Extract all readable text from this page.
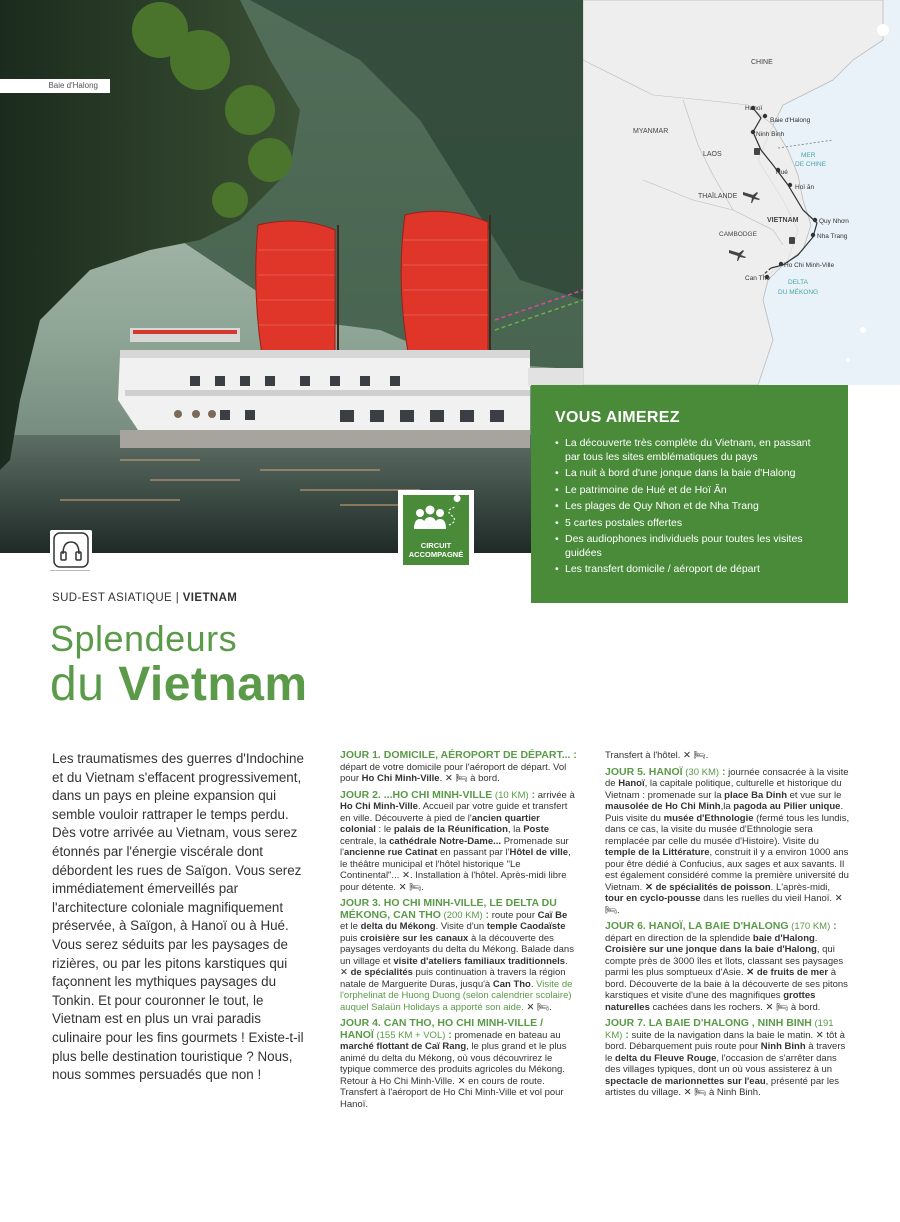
Baie d'Halong
CHINE
MYANMAR
LAOS
THAÏLANDE
CAMBODGE
VIETNAM
MER
DE CHINE
DELTA
DU MÉKONG
Hanoï
Baie d'Halong
Ninh Binh
Hué
Hoï ăn
Quy Nhơn
Nha Trang
Ho Chi Minh-Ville
Can Tho
CIRCUIT
ACCOMPAGNÉ
VOUS AIMEREZ
• La découverte très complète du Vietnam, en passant par tous les sites emblématiques du pays
• La nuit à bord d'une jonque dans la baie d'Halong
• Le patrimoine de Hué et de Hoï Ăn
• Les plages de Quy Nhon et de Nha Trang
• 5 cartes postales offertes
• Des audiophones individuels pour toutes les visites guidées
• Les transfert domicile / aéroport de départ
SUD-EST ASIATIQUE | VIETNAM
Splendeurs
du Vietnam
Les traumatismes des guerres d'Indochine et du Vietnam s'effacent progressivement, dans un pays en pleine expansion qui semble vouloir rattraper le temps perdu. Dès votre arrivée au Vietnam, vous serez étonnés par l'énergie viscérale dont débordent les rues de Saïgon. Vous serez immédiatement émerveillés par l'architecture coloniale magnifiquement préservée, à Saïgon, à Hanoï ou à Hué. Vous serez séduits par les paysages de rizières, ou par les pitons karstiques qui façonnent les mythiques paysages du Tonkin. Et pour couronner le tout, le Vietnam est en plus un vrai paradis culinaire pour les fins gourmets ! Existe-t-il plus belle destination touristique ? Nous, nous sommes persuadés que non !

JOUR 1. DOMICILE, AÉROPORT DE DÉPART... : départ de votre domicile pour l'aéroport de départ. Vol pour Ho Chi Minh-Ville. ✕ 🛏 à bord.

JOUR 2. ...HO CHI MINH-VILLE (10 KM) : arrivée à Ho Chi Minh-Ville. Accueil par votre guide et transfert en ville. Découverte à pied de l'ancien quartier colonial : le palais de la Réunification, la Poste centrale, la cathédrale Notre-Dame... Promenade sur l'ancienne rue Catinat en passant par l'Hôtel de ville, le théâtre municipal et l'hôtel historique "Le Continental"... ✕. Installation à l'hôtel. Après-midi libre pour détente. ✕ 🛏.

JOUR 3. HO CHI MINH-VILLE, LE DELTA DU MÉKONG, CAN THO (200 KM) : route pour Caï Be et le delta du Mékong. Visite d'un temple Caodaïste puis croisière sur les canaux à la découverte des paysages verdoyants du delta du Mékong. Balade dans un village et visite d'ateliers familiaux traditionnels. ✕ de spécialités puis continuation à travers la région natale de Marguerite Duras, jusqu'à Can Tho. Visite de l'orphelinat de Huong Duong (selon calendrier scolaire) auquel Salaün Holidays a apporté son aide. ✕ 🛏.

JOUR 4. CAN THO, HO CHI MINH-VILLE / HANOÏ (155 KM + VOL) : promenade en bateau au marché flottant de Caï Rang, le plus grand et le plus animé du delta du Mékong, où vous découvrirez le typique commerce des produits agricoles du Mékong. Retour à Ho Chi Minh-Ville. ✕ en cours de route. Transfert à l'aéroport de Ho Chi Minh-Ville et vol pour Hanoï.

Transfert à l'hôtel. ✕ 🛏.

JOUR 5. HANOÏ (30 KM) : journée consacrée à la visite de Hanoï, la capitale politique, culturelle et historique du Vietnam : promenade sur la place Ba Dinh et vue sur le mausolée de Ho Chi Minh,la pagoda au Pilier unique. Puis visite du musée d'Ethnologie (fermé tous les lundis, dans ce cas, la visite du musée d'Ethnologie sera remplacée par celle du musée d'Histoire). Visite du temple de la Littérature, construit il y a environ 1000 ans pour être dédié à Confucius, aux sages et aux savants. Il est également considéré comme la première université du Vietnam. ✕ de spécialités de poisson. L'après-midi, tour en cyclo-pousse dans les ruelles du vieil Hanoï. ✕ 🛏.

JOUR 6. HANOÏ, LA BAIE D'HALONG (170 KM) : départ en direction de la splendide baie d'Halong. Croisière sur une jonque dans la baie d'Halong, qui compte près de 3000 îles et îlots, classant ses paysages parmi les plus somptueux d'Asie. ✕ de fruits de mer à bord. Découverte de la baie à la découverte de ses pitons karstiques et visite d'une des magnifiques grottes naturelles cachées dans les rochers. ✕ 🛏 à bord.

JOUR 7. LA BAIE D'HALONG , NINH BINH (191 KM) : suite de la navigation dans la baie le matin. ✕ tôt à bord. Débarquement puis route pour Ninh Binh à travers le delta du Fleuve Rouge, l'occasion de s'arrêter dans des villages typiques, dont un où vous assisterez à un spectacle de marionnettes sur l'eau, présenté par les artistes du village. ✕ 🛏 à Ninh Binh.
